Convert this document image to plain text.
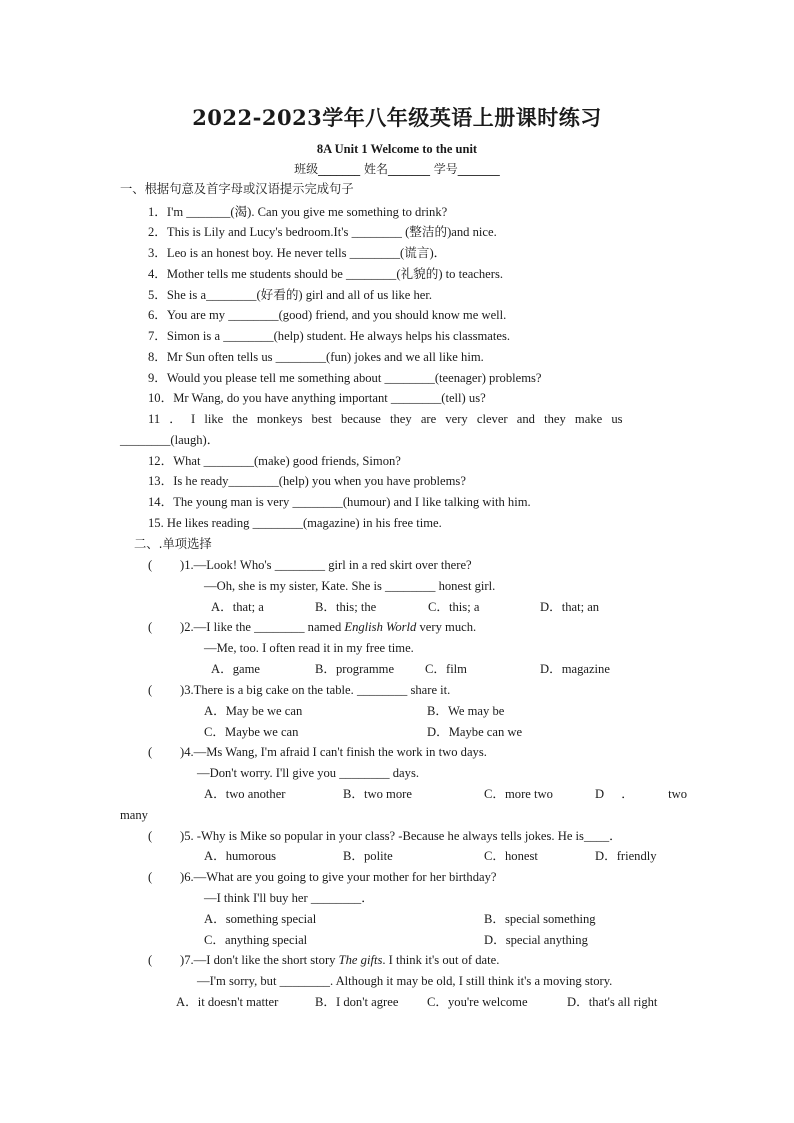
2022-2023学年八年级英语上册课时练习
8A Unit 1 Welcome to the unit
班级_______ 姓名_______ 学号_______
一、根据句意及首字母或汉语提示完成句子
1．I'm _______(渴). Can you give me something to drink?
2．This is Lily and Lucy's bedroom.It's ________ (整洁的)and nice.
3．Leo is an honest boy. He never tells ________(谎言)．
4．Mother tells me students should be ________(礼貌的) to teachers.
5．She is a________(好看的) girl and all of us like her.
6．You are my ________(good) friend, and you should know me well.
7．Simon is a ________(help) student. He always helps his classmates.
8．Mr Sun often tells us ________(fun) jokes and we all like him.
9．Would you please tell me something about ________(teenager) problems?
10．Mr Wang, do you have anything important ________(tell) us?
11 ． I like the monkeys best because they are very clever and they make us
________(laugh)．
12．What ________(make) good friends, Simon?
13．Is he ready________(help) you when you have problems?
14．The young man is very ________(humour) and I like talking with him.
15. He likes reading ________(magazine) in his free time.
二、.单项选择
( )1.—Look! Who's ________ girl in a red skirt over there?
—Oh, she is my sister, Kate. She is ________ honest girl.
A．that; a	B．this; the	C．this; a	D．that; an
( )2.—I like the ________ named English World very much.
—Me, too. I often read it in my free time.
A．game	B．programme C．film	D．magazine
( )3.There is a big cake on the table. ________ share it.
A．May be we can	B．We may be
C．Maybe we can	D．Maybe can we
( )4.—Ms Wang, I'm afraid I can't finish the work in two days.
—Don't worry. I'll give you ________ days.
A．two another	B．two more	C．more two	D ．  two
many
( )5. -Why is Mike so popular in your class? -Because he always tells jokes. He is____．
A．humorous	B．polite	C．honest	D．friendly
( )6.—What are you going to give your mother for her birthday?
—I think I'll buy her ________．
A．something special	B．special something
C．anything special	D．special anything
( )7.—I don't like the short story The gifts. I think it's out of date.
—I'm sorry, but ________. Although it may be old, I still think it's a moving story.
A．it doesn't matter	B．I don't agree C．you're welcome	D．that's all right
